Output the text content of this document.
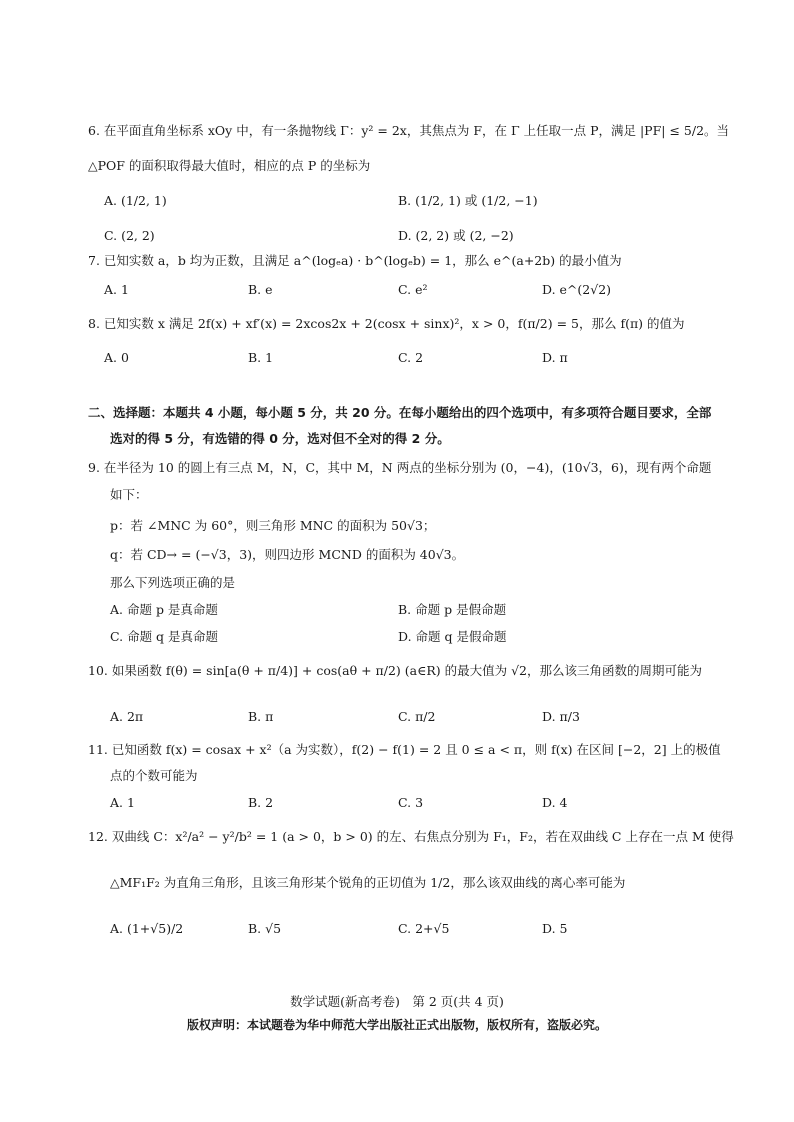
6. 在平面直角坐标系 xOy 中，有一条抛物线 Γ：y² = 2x，其焦点为 F，在 Γ 上任取一点 P，满足 |PF| ≤ 5/2。当
△POF 的面积取得最大值时，相应的点 P 的坐标为
A. (1/2, 1)	B. (1/2, 1) 或 (1/2, −1)
C. (2, 2)	D. (2, 2) 或 (2, −2)
7. 已知实数 a，b 均为正数，且满足 a^(logₑa) · b^(logₑb) = 1，那么 e^(a+2b) 的最小值为
A. 1	B. e	C. e²	D. e^(2√2)
8. 已知实数 x 满足 2f(x) + xf′(x) = 2xcos2x + 2(cosx + sinx)²，x > 0，f(π/2) = 5，那么 f(π) 的值为
A. 0	B. 1	C. 2	D. π
二、选择题：本题共 4 小题，每小题 5 分，共 20 分。在每小题给出的四个选项中，有多项符合题目要求，全部
选对的得 5 分，有选错的得 0 分，选对但不全对的得 2 分。
9. 在半径为 10 的圆上有三点 M，N，C，其中 M，N 两点的坐标分别为 (0，−4)，(10√3，6)，现有两个命题
如下：
p：若 ∠MNC 为 60°，则三角形 MNC 的面积为 50√3；
q：若 CD→ = (−√3，3)，则四边形 MCND 的面积为 40√3。
那么下列选项正确的是
A. 命题 p 是真命题	B. 命题 p 是假命题
C. 命题 q 是真命题	D. 命题 q 是假命题
10. 如果函数 f(θ) = sin[a(θ + π/4)] + cos(aθ + π/2) (a∈R) 的最大值为 √2，那么该三角函数的周期可能为
A. 2π	B. π	C. π/2	D. π/3
11. 已知函数 f(x) = cosax + x²（a 为实数），f(2) − f(1) = 2 且 0 ≤ a < π，则 f(x) 在区间 [−2，2] 上的极值
点的个数可能为
A. 1	B. 2	C. 3	D. 4
12. 双曲线 C：x²/a² − y²/b² = 1 (a > 0，b > 0) 的左、右焦点分别为 F₁，F₂，若在双曲线 C 上存在一点 M 使得
△MF₁F₂ 为直角三角形，且该三角形某个锐角的正切值为 1/2，那么该双曲线的离心率可能为
A. (1+√5)/2	B. √5	C. 2+√5	D. 5
数学试题(新高考卷)　第 2 页(共 4 页)
版权声明：本试题卷为华中师范大学出版社正式出版物，版权所有，盗版必究。
